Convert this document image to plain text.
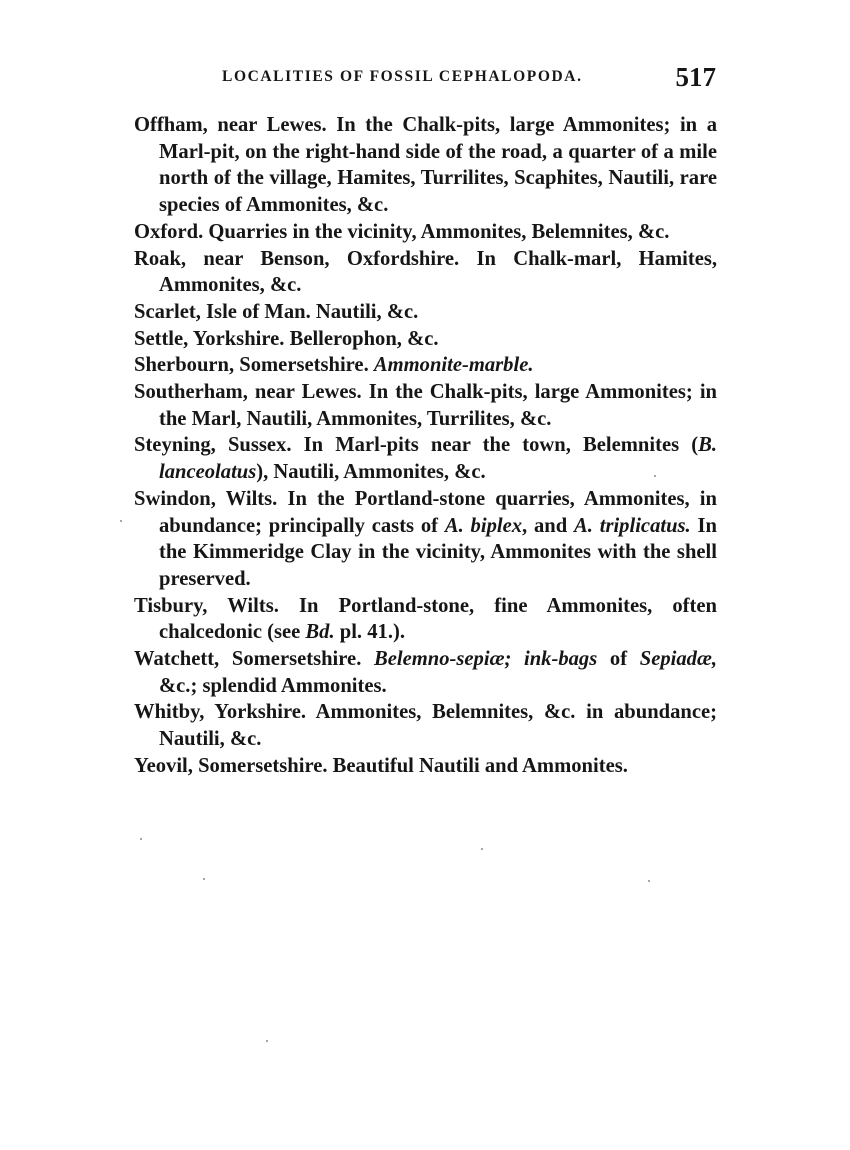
LOCALITIES OF FOSSIL CEPHALOPODA.	517
Offham, near Lewes. In the Chalk-pits, large Ammonites; in a Marl-pit, on the right-hand side of the road, a quarter of a mile north of the village, Hamites, Turrilites, Scaphites, Nautili, rare species of Ammonites, &c.
Oxford. Quarries in the vicinity, Ammonites, Belemnites, &c.
Roak, near Benson, Oxfordshire. In Chalk-marl, Hamites, Ammonites, &c.
Scarlet, Isle of Man. Nautili, &c.
Settle, Yorkshire. Bellerophon, &c.
Sherbourn, Somersetshire. Ammonite-marble.
Southerham, near Lewes. In the Chalk-pits, large Ammonites; in the Marl, Nautili, Ammonites, Turrilites, &c.
Steyning, Sussex. In Marl-pits near the town, Belemnites (B. lanceolatus), Nautili, Ammonites, &c.
Swindon, Wilts. In the Portland-stone quarries, Ammonites, in abundance; principally casts of A. biplex, and A. triplicatus. In the Kimmeridge Clay in the vicinity, Ammonites with the shell preserved.
Tisbury, Wilts. In Portland-stone, fine Ammonites, often chalcedonic (see Bd. pl. 41.).
Watchett, Somersetshire. Belemno-sepiæ; ink-bags of Sepiadæ, &c.; splendid Ammonites.
Whitby, Yorkshire. Ammonites, Belemnites, &c. in abundance; Nautili, &c.
Yeovil, Somersetshire. Beautiful Nautili and Ammonites.
